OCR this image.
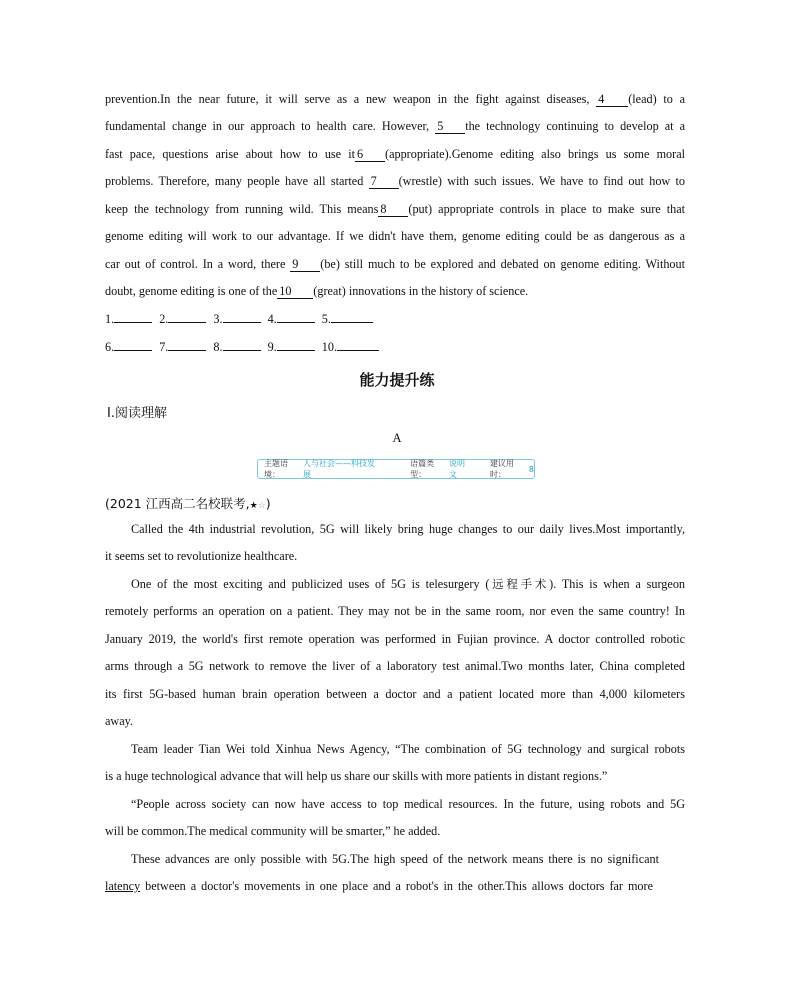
prevention.In the near future, it will serve as a new weapon in the fight against diseases, 4 (lead) to a
fundamental change in our approach to health care. However, 5 the technology continuing to develop at a
fast pace, questions arise about how to use it 6 (appropriate).Genome editing also brings us some moral
problems. Therefore, many people have all started 7 (wrestle) with such issues. We have to find out how to
keep the technology from running wild. This means 8 (put) appropriate controls in place to make sure that
genome editing will work to our advantage. If we didn't have them, genome editing could be as dangerous as a
car out of control. In a word, there 9 (be) still much to be explored and debated on genome editing. Without
doubt, genome editing is one of the 10 (great) innovations in the history of science.
1.	2.	3.	4.	5.
6.	7.	8.	9.	10.
能力提升练
Ⅰ.阅读理解
A
主题语境：
人与社会——科技发展
语篇类型：
说明文
建议用时：
8
(2021 江西高二名校联考,★☆)
Called the 4th industrial revolution, 5G will likely bring huge changes to our daily lives.Most importantly,
it seems set to revolutionize healthcare.
One of the most exciting and publicized uses of 5G is telesurgery (远程手术). This is when a surgeon
remotely performs an operation on a patient. They may not be in the same room, nor even the same country! In
January 2019, the world's first remote operation was performed in Fujian province. A doctor controlled robotic
arms through a 5G network to remove the liver of a laboratory test animal.Two months later, China completed
its first 5G-based human brain operation between a doctor and a patient located more than 4,000 kilometers
away.
Team leader Tian Wei told Xinhua News Agency, “The combination of 5G technology and surgical robots
is a huge technological advance that will help us share our skills with more patients in distant regions.”
“People across society can now have access to top medical resources. In the future, using robots and 5G
will be common.The medical community will be smarter,” he added.
These advances are only possible with 5G.The high speed of the network means there is no significant
latency between a doctor's movements in one place and a robot's in the other.This allows doctors far more
